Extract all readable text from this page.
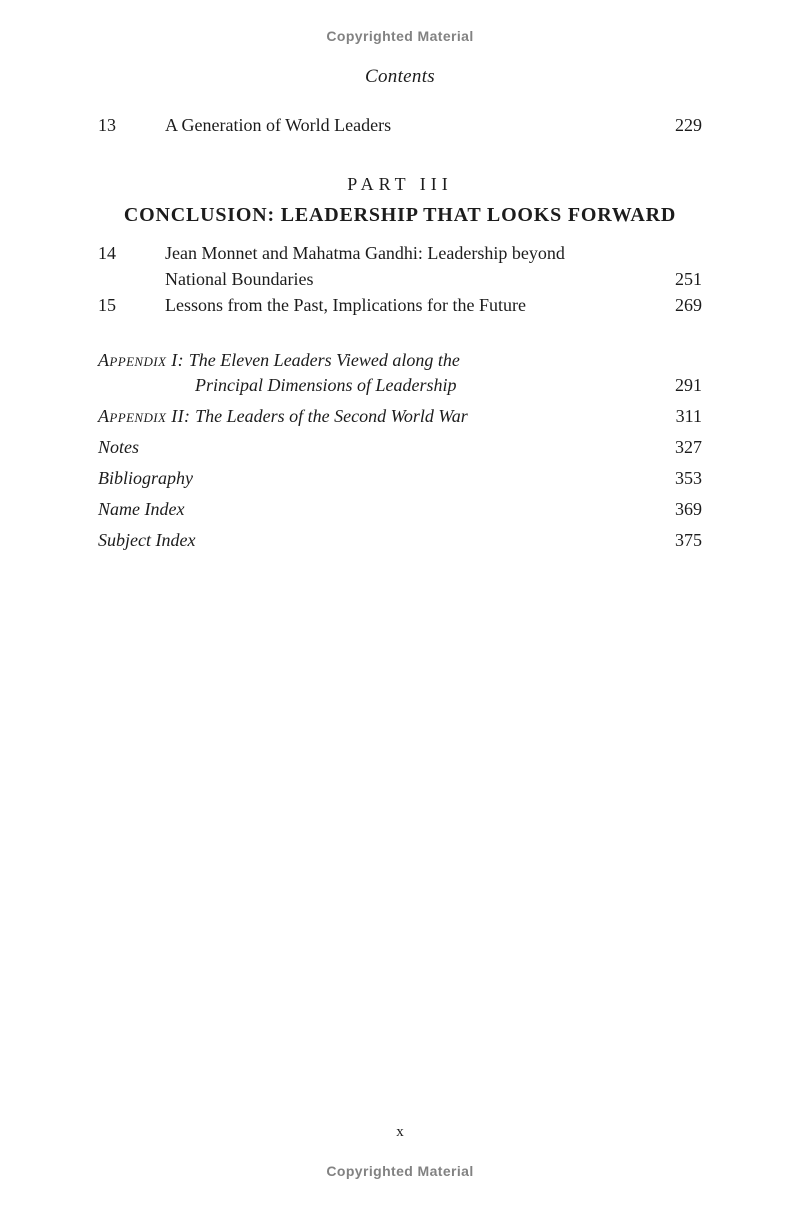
Copyrighted Material
Contents
13	A Generation of World Leaders	229
PART III
CONCLUSION: LEADERSHIP THAT LOOKS FORWARD
14	Jean Monnet and Mahatma Gandhi: Leadership beyond
National Boundaries	251
15	Lessons from the Past, Implications for the Future	269
Appendix I: The Eleven Leaders Viewed along the
Principal Dimensions of Leadership	291
Appendix II: The Leaders of the Second World War	311
Notes	327
Bibliography	353
Name Index	369
Subject Index	375
x
Copyrighted Material
